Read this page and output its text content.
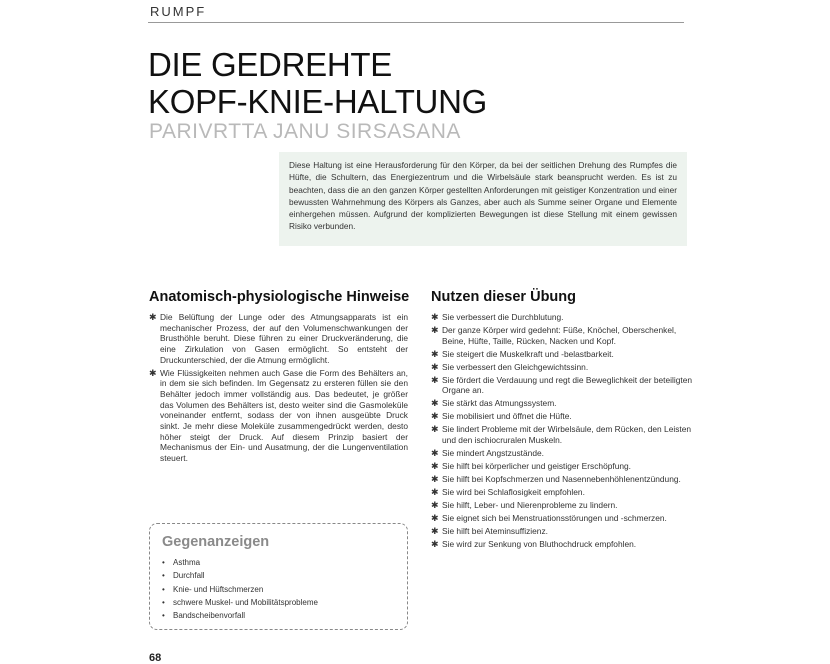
RUMPF
DIE GEDREHTE
KOPF-KNIE-HALTUNG
PARIVRTTA JANU SIRSASANA
Diese Haltung ist eine Herausforderung für den Körper, da bei der seitlichen Drehung des Rumpfes die Hüfte, die Schultern, das Energiezentrum und die Wirbelsäule stark beansprucht werden. Es ist zu beachten, dass die an den ganzen Körper gestellten Anforderungen mit geistiger Konzentration und einer bewussten Wahrnehmung des Körpers als Ganzes, aber auch als Summe seiner Organe und Elemente einhergehen müssen. Aufgrund der komplizierten Bewegungen ist diese Stellung mit einem gewissen Risiko verbunden.
Anatomisch-physiologische Hinweise
✱ Die Belüftung der Lunge oder des Atmungsapparats ist ein mechanischer Prozess, der auf den Volumenschwankungen der Brusthöhle beruht. Diese führen zu einer Druckveränderung, die eine Zirkulation von Gasen ermöglicht. So entsteht der Druckunterschied, der die Atmung ermöglicht.
✱ Wie Flüssigkeiten nehmen auch Gase die Form des Behälters an, in dem sie sich befinden. Im Gegensatz zu ersteren füllen sie den Behälter jedoch immer vollständig aus. Das bedeutet, je größer das Volumen des Behälters ist, desto weiter sind die Gasmoleküle voneinander entfernt, sodass der von ihnen ausgeübte Druck sinkt. Je mehr diese Moleküle zusammengedrückt werden, desto höher steigt der Druck. Auf diesem Prinzip basiert der Mechanismus der Ein- und Ausatmung, der die Lungenventilation steuert.
Nutzen dieser Übung
✱ Sie verbessert die Durchblutung.
✱ Der ganze Körper wird gedehnt: Füße, Knöchel, Oberschenkel, Beine, Hüfte, Taille, Rücken, Nacken und Kopf.
✱ Sie steigert die Muskelkraft und -belastbarkeit.
✱ Sie verbessert den Gleichgewichtssinn.
✱ Sie fördert die Verdauung und regt die Beweglichkeit der beteiligten Organe an.
✱ Sie stärkt das Atmungssystem.
✱ Sie mobilisiert und öffnet die Hüfte.
✱ Sie lindert Probleme mit der Wirbelsäule, dem Rücken, den Leisten und den ischiocruralen Muskeln.
✱ Sie mindert Angstzustände.
✱ Sie hilft bei körperlicher und geistiger Erschöpfung.
✱ Sie hilft bei Kopfschmerzen und Nasennebenhöhlenentzündung.
✱ Sie wird bei Schlaflosigkeit empfohlen.
✱ Sie hilft, Leber- und Nierenprobleme zu lindern.
✱ Sie eignet sich bei Menstruationsstörungen und -schmerzen.
✱ Sie hilft bei Ateminsuffizienz.
✱ Sie wird zur Senkung von Bluthochdruck empfohlen.
Gegenanzeigen
• Asthma
• Durchfall
• Knie- und Hüftschmerzen
• schwere Muskel- und Mobilitätsprobleme
• Bandscheibenvorfall
68
